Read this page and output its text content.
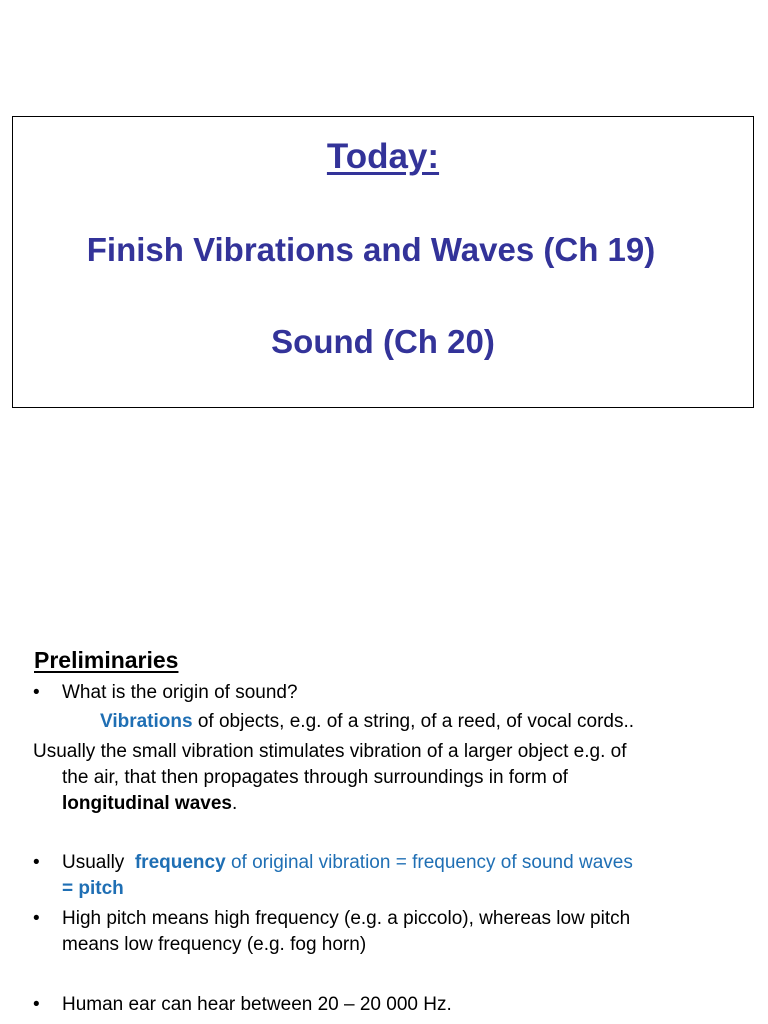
Today:
Finish Vibrations and Waves (Ch 19)
Sound (Ch 20)
Preliminaries
• What is the origin of sound?
Vibrations of objects, e.g. of a string, of a reed, of vocal cords..
Usually the small vibration stimulates vibration of a larger object e.g. of
the air, that then propagates through surroundings in form of
longitudinal waves.
• Usually  frequency of original vibration = frequency of sound waves
= pitch
• High pitch means high frequency (e.g. a piccolo), whereas low pitch
means low frequency (e.g. fog horn)
• Human ear can hear between 20 – 20 000 Hz.
